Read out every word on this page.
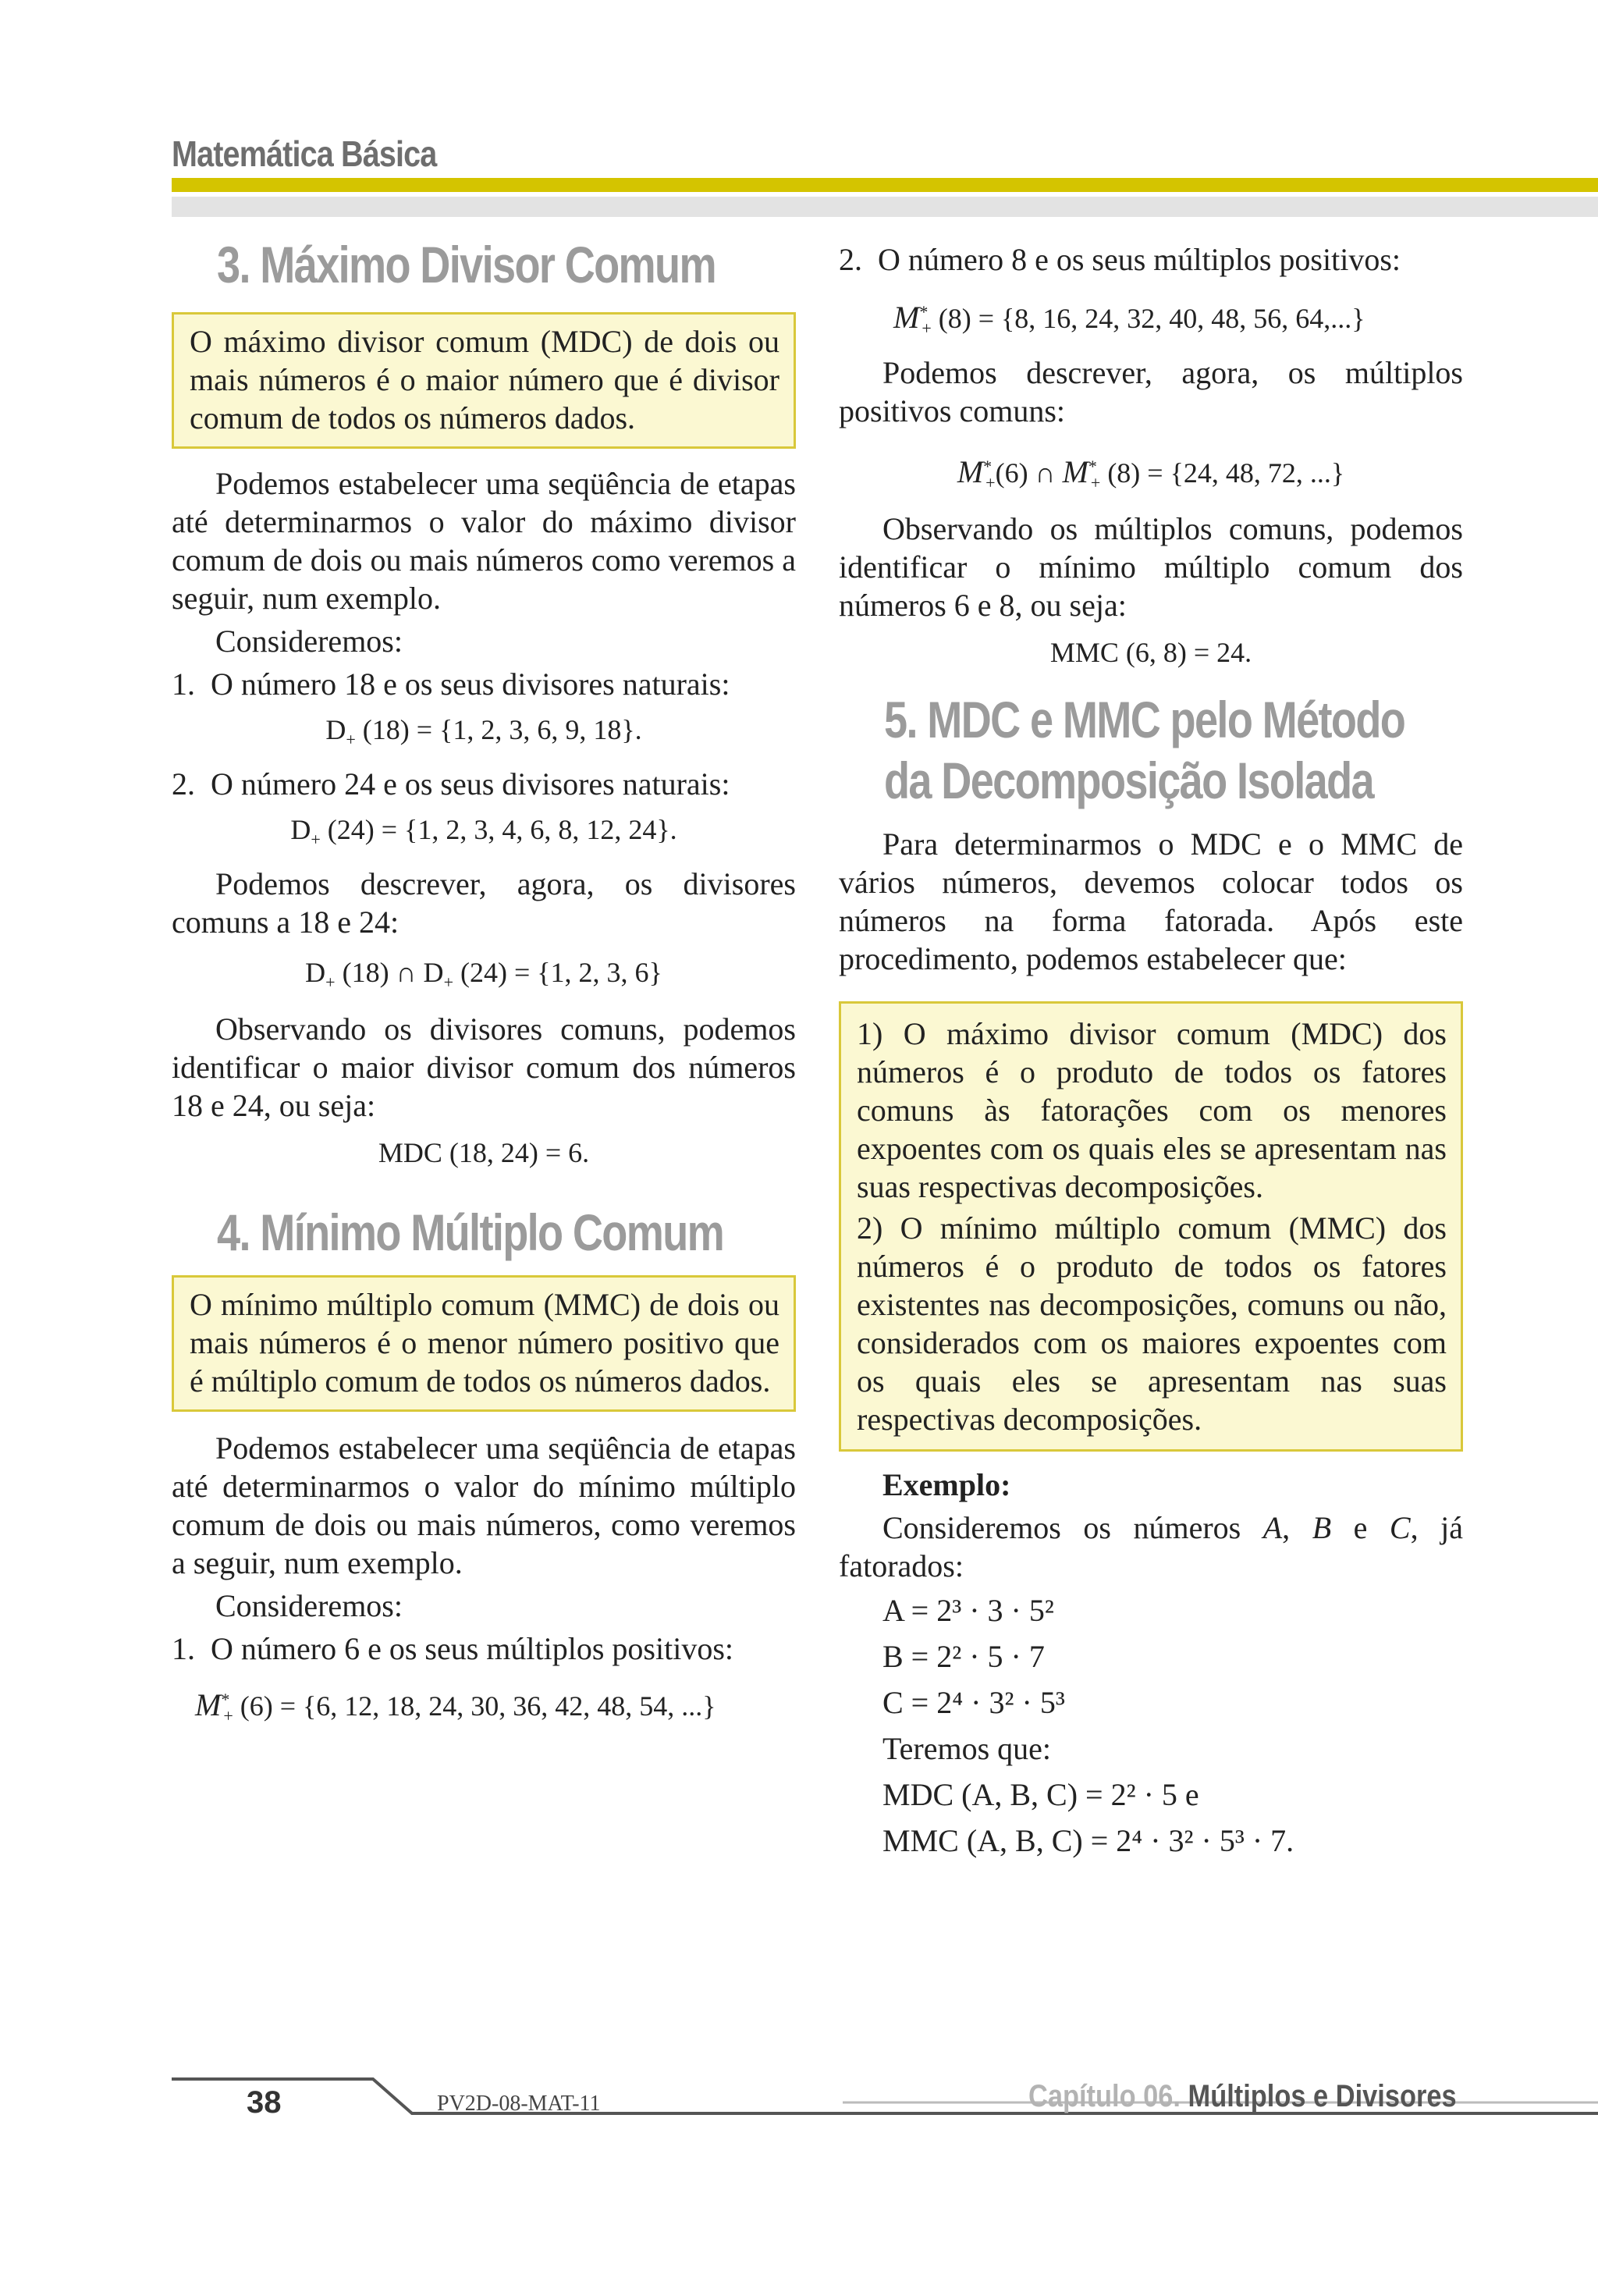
Matemática Básica
3. Máximo Divisor Comum

O máximo divisor comum (MDC) de dois ou mais números é o maior número que é divisor comum de todos os números dados.

Podemos estabelecer uma seqüência de etapas até determinarmos o valor do máximo divisor comum de dois ou mais números como veremos a seguir, num exemplo.

Consideremos:

1. O número 18 e os seus divisores naturais:

$D_+$ (18) = {1, 2, 3, 6, 9, 18}.

2. O número 24 e os seus divisores naturais:

$D_+$ (24) = {1, 2, 3, 4, 6, 8, 12, 24}.

Podemos descrever, agora, os divisores comuns a 18 e 24:

$D_+$ (18) ∩ $D_+$ (24) = {1, 2, 3, 6}

Observando os divisores comuns, podemos identificar o maior divisor comum dos números 18 e 24, ou seja:

MDC (18, 24) = 6.

4. Mínimo Múltiplo Comum

O mínimo múltiplo comum (MMC) de dois ou mais números é o menor número positivo que é múltiplo comum de todos os números dados.

Podemos estabelecer uma seqüência de etapas até determinarmos o valor do mínimo múltiplo comum de dois ou mais números, como veremos a seguir, num exemplo.

Consideremos:

1. O número 6 e os seus múltiplos positivos:

$M^*_+$ (6) = {6, 12, 18, 24, 30, 36, 42, 48, 54, ...}

2. O número 8 e os seus múltiplos positivos:

$M^*_+$ (8) = {8, 16, 24, 32, 40, 48, 56, 64,...}

Podemos descrever, agora, os múltiplos positivos comuns:

$M^*_+(6)$ ∩ $M^*_+$ (8) = {24, 48, 72, ...}

Observando os múltiplos comuns, podemos identificar o mínimo múltiplo comum dos números 6 e 8, ou seja:

MMC (6, 8) = 24.

5. MDC e MMC pelo Método
da Decomposição Isolada

Para determinarmos o MDC e o MMC de vários números, devemos colocar todos os números na forma fatorada. Após este procedimento, podemos estabelecer que:

1) O máximo divisor comum (MDC) dos números é o produto de todos os fatores comuns às fatorações com os menores expoentes com os quais eles se apresentam nas suas respectivas decomposições.

2) O mínimo múltiplo comum (MMC) dos números é o produto de todos os fatores existentes nas decomposições, comuns ou não, considerados com os maiores expoentes com os quais eles se apresentam nas suas respectivas decomposições.

Exemplo:

Consideremos os números A, B e C, já fatorados:

A = 2³ · 3 · 5²

B = 2² · 5 · 7

C = 2⁴ · 3² · 5³

Teremos que:

MDC (A, B, C) = 2² · 5 e

MMC (A, B, C) = 2⁴ · 3² · 5³ · 7.

38	PV2D-08-MAT-11	Capítulo 06. Múltiplos e Divisores
